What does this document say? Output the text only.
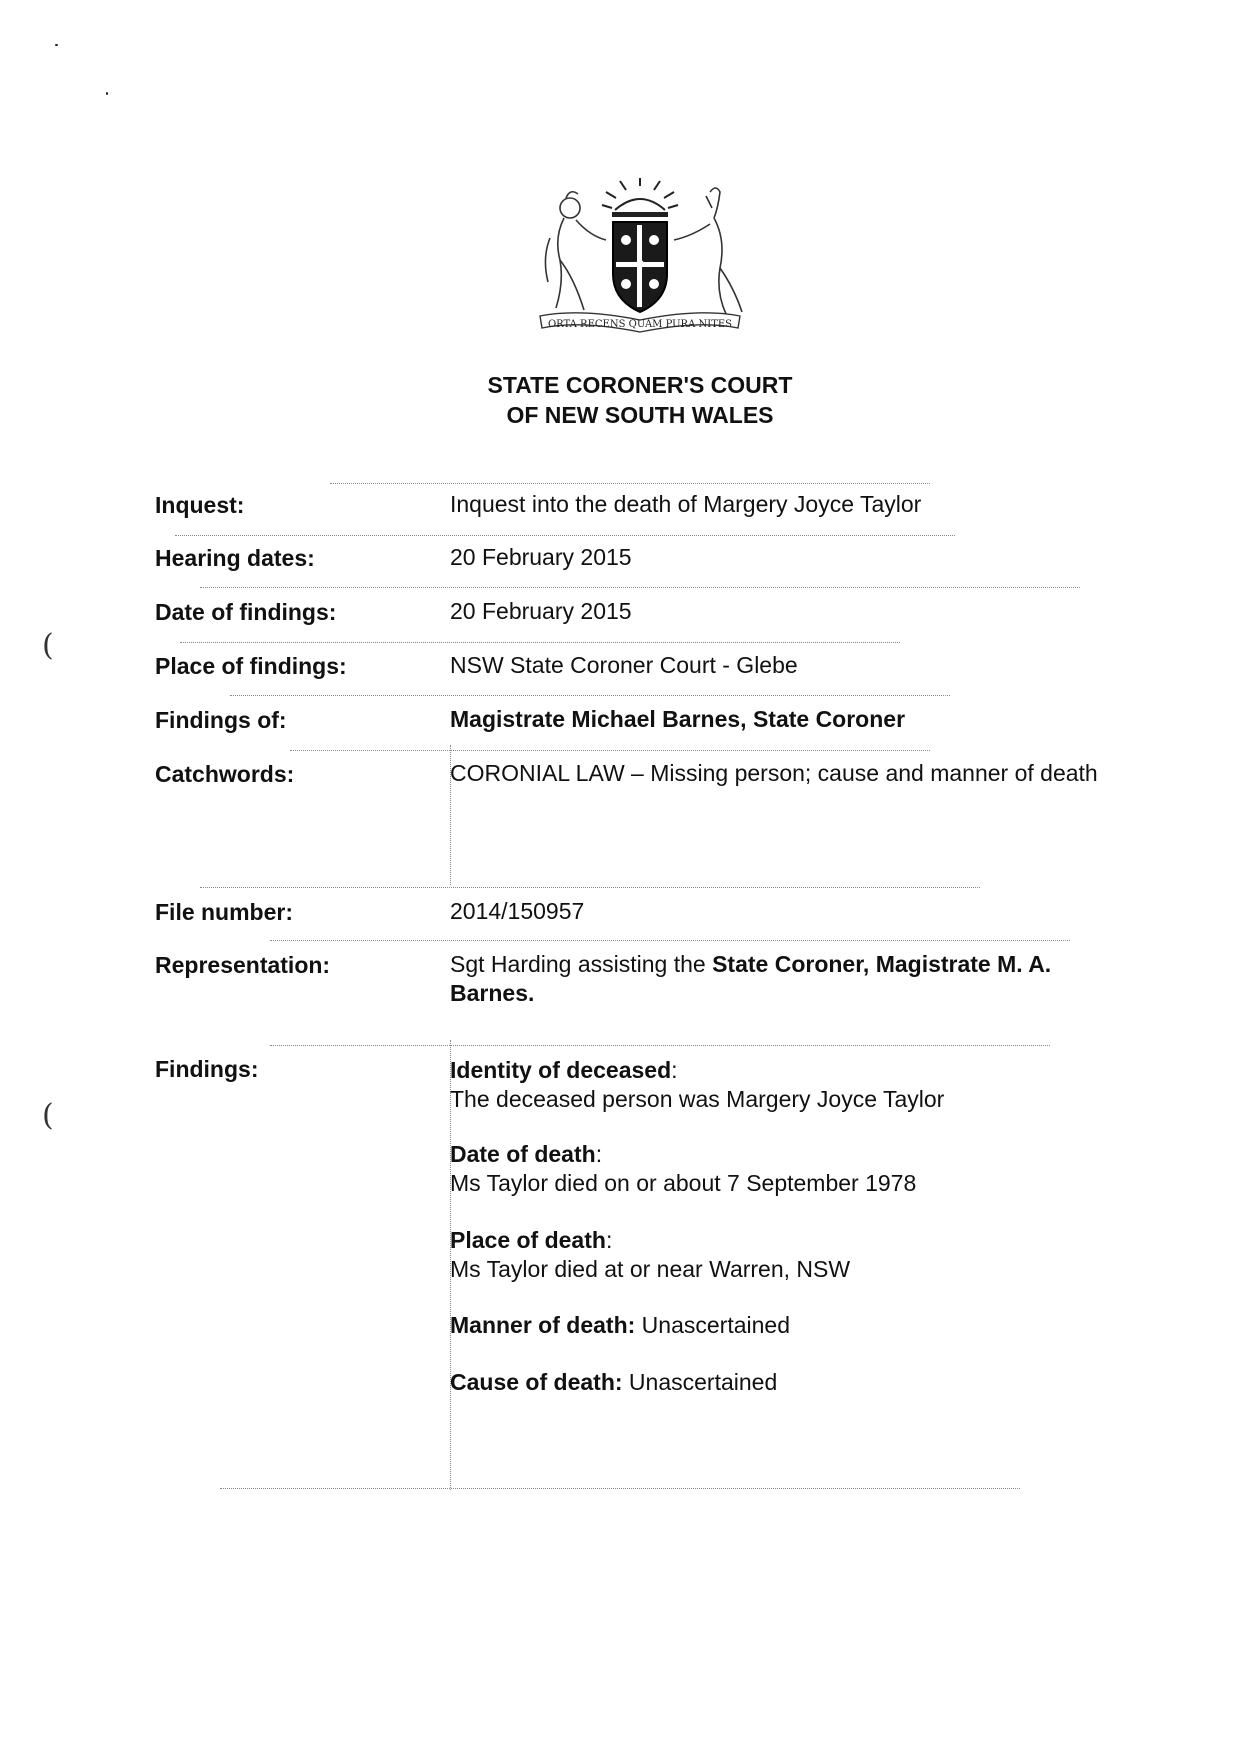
(
(
ORTA RECENS QUAM PURA NITES
STATE CORONER'S COURT
OF NEW SOUTH WALES
Inquest:	Inquest into the death of Margery Joyce Taylor
Hearing dates:	20 February 2015
Date of findings:	20 February 2015
Place of findings:	NSW State Coroner Court - Glebe
Findings of:	Magistrate Michael Barnes, State Coroner
Catchwords:	CORONIAL LAW – Missing person; cause and manner of death
File number:	2014/150957
Representation:	Sgt Harding assisting the State Coroner, Magistrate M. A. Barnes.
Findings:	Identity of deceased:
The deceased person was Margery Joyce Taylor
Date of death:
Ms Taylor died on or about 7 September 1978
Place of death:
Ms Taylor died at or near Warren, NSW
Manner of death: Unascertained
Cause of death: Unascertained
